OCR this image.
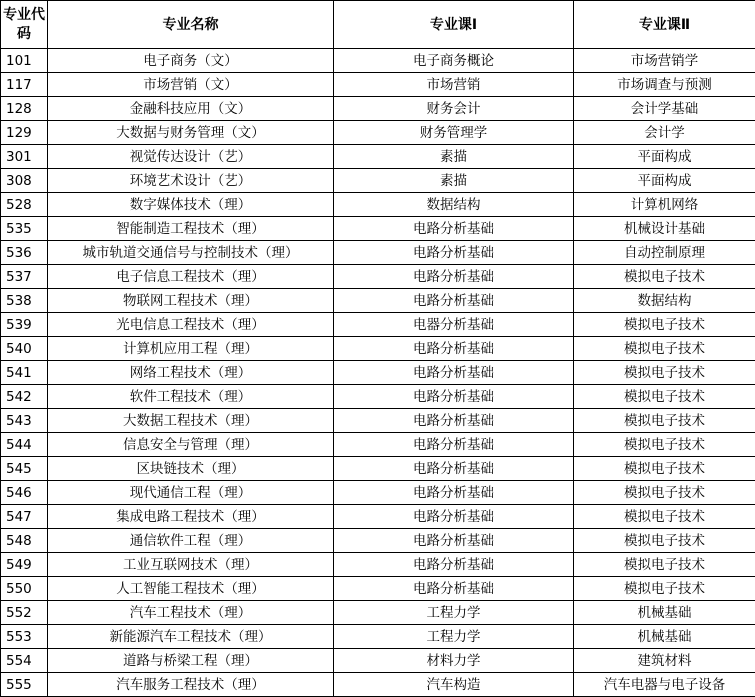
专业代码	专业名称	专业课Ⅰ	专业课Ⅱ
101	电子商务（文）	电子商务概论	市场营销学
117	市场营销（文）	市场营销	市场调查与预测
128	金融科技应用（文）	财务会计	会计学基础
129	大数据与财务管理（文）	财务管理学	会计学
301	视觉传达设计（艺）	素描	平面构成
308	环境艺术设计（艺）	素描	平面构成
528	数字媒体技术（理）	数据结构	计算机网络
535	智能制造工程技术（理）	电路分析基础	机械设计基础
536	城市轨道交通信号与控制技术（理）	电路分析基础	自动控制原理
537	电子信息工程技术（理）	电路分析基础	模拟电子技术
538	物联网工程技术（理）	电路分析基础	数据结构
539	光电信息工程技术（理）	电器分析基础	模拟电子技术
540	计算机应用工程（理）	电路分析基础	模拟电子技术
541	网络工程技术（理）	电路分析基础	模拟电子技术
542	软件工程技术（理）	电路分析基础	模拟电子技术
543	大数据工程技术（理）	电路分析基础	模拟电子技术
544	信息安全与管理（理）	电路分析基础	模拟电子技术
545	区块链技术（理）	电路分析基础	模拟电子技术
546	现代通信工程（理）	电路分析基础	模拟电子技术
547	集成电路工程技术（理）	电路分析基础	模拟电子技术
548	通信软件工程（理）	电路分析基础	模拟电子技术
549	工业互联网技术（理）	电路分析基础	模拟电子技术
550	人工智能工程技术（理）	电路分析基础	模拟电子技术
552	汽车工程技术（理）	工程力学	机械基础
553	新能源汽车工程技术（理）	工程力学	机械基础
554	道路与桥梁工程（理）	材料力学	建筑材料
555	汽车服务工程技术（理）	汽车构造	汽车电器与电子设备
